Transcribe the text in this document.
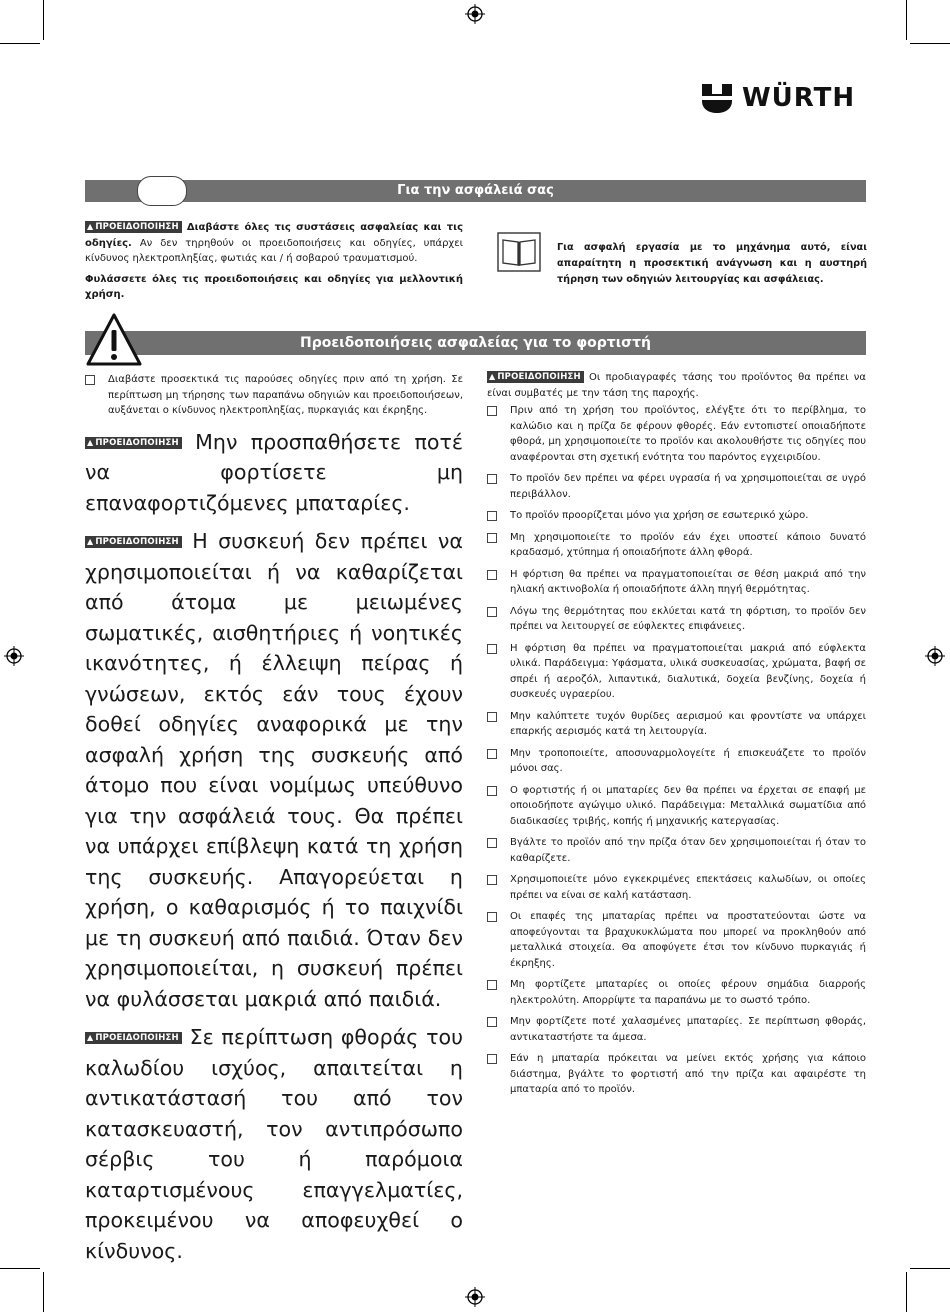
WÜRTH
Για την ασφάλειά σας

▲ ΠΡΟΕΙΔΟΠΟΙΗΣΗ Διαβάστε όλες τις συστάσεις ασφαλείας και τις οδηγίες. Αν δεν τηρηθούν οι προειδοποιήσεις και οδηγίες, υπάρχει κίνδυνος ηλεκτροπληξίας, φωτιάς και / ή σοβαρού τραυματισμού.

Φυλάσσετε όλες τις προειδοποιήσεις και οδηγίες για μελλοντική χρήση.

Για ασφαλή εργασία με το μηχάνημα αυτό, είναι απαραίτητη η προσεκτική ανάγνωση και η αυστηρή τήρηση των οδηγιών λειτουργίας και ασφάλειας.

Προειδοποιήσεις ασφαλείας για το φορτιστή
Διαβάστε προσεκτικά τις παρούσες οδηγίες πριν από τη χρήση. Σε περίπτωση μη τήρησης των παραπάνω οδηγιών και προειδοποιήσεων, αυξάνεται ο κίνδυνος ηλεκτροπληξίας, πυρκαγιάς και έκρηξης.

▲ ΠΡΟΕΙΔΟΠΟΙΗΣΗ Μην προσπαθήσετε ποτέ να φορτίσετε μη επαναφορτιζόμενες μπαταρίες.

▲ ΠΡΟΕΙΔΟΠΟΙΗΣΗ Η συσκευή δεν πρέπει να χρησιμοποιείται ή να καθαρίζεται από άτομα με μειωμένες σωματικές, αισθητήριες ή νοητικές ικανότητες, ή έλλειψη πείρας ή γνώσεων, εκτός εάν τους έχουν δοθεί οδηγίες αναφορικά με την ασφαλή χρήση της συσκευής από άτομο που είναι νομίμως υπεύθυνο για την ασφάλειά τους. Θα πρέπει να υπάρχει επίβλεψη κατά τη χρήση της συσκευής. Απαγορεύεται η χρήση, ο καθαρισμός ή το παιχνίδι με τη συσκευή από παιδιά. Όταν δεν χρησιμοποιείται, η συσκευή πρέπει να φυλάσσεται μακριά από παιδιά.

▲ ΠΡΟΕΙΔΟΠΟΙΗΣΗ Σε περίπτωση φθοράς του καλωδίου ισχύος, απαιτείται η αντικατάστασή του από τον κατασκευαστή, τον αντιπρόσωπο σέρβις του ή παρόμοια καταρτισμένους επαγγελματίες, προκειμένου να αποφευχθεί ο κίνδυνος.

▲ ΠΡΟΕΙΔΟΠΟΙΗΣΗ Οι προδιαγραφές τάσης του προϊόντος θα πρέπει να είναι συμβατές με την τάση της παροχής.

Πριν από τη χρήση του προϊόντος, ελέγξτε ότι το περίβλημα, το καλώδιο και η πρίζα δε φέρουν φθορές. Εάν εντοπιστεί οποιαδήποτε φθορά, μη χρησιμοποιείτε το προϊόν και ακολουθήστε τις οδηγίες που αναφέρονται στη σχετική ενότητα του παρόντος εγχειριδίου.
Το προϊόν δεν πρέπει να φέρει υγρασία ή να χρησιμοποιείται σε υγρό περιβάλλον.
Το προϊόν προορίζεται μόνο για χρήση σε εσωτερικό χώρο.
Μη χρησιμοποιείτε το προϊόν εάν έχει υποστεί κάποιο δυνατό κραδασμό, χτύπημα ή οποιαδήποτε άλλη φθορά.
Η φόρτιση θα πρέπει να πραγματοποιείται σε θέση μακριά από την ηλιακή ακτινοβολία ή οποιαδήποτε άλλη πηγή θερμότητας.
Λόγω της θερμότητας που εκλύεται κατά τη φόρτιση, το προϊόν δεν πρέπει να λειτουργεί σε εύφλεκτες επιφάνειες.
Η φόρτιση θα πρέπει να πραγματοποιείται μακριά από εύφλεκτα υλικά. Παράδειγμα: Υφάσματα, υλικά συσκευασίας, χρώματα, βαφή σε σπρέι ή αεροζόλ, λιπαντικά, διαλυτικά, δοχεία βενζίνης, δοχεία ή συσκευές υγραερίου.
Μην καλύπτετε τυχόν θυρίδες αερισμού και φροντίστε να υπάρχει επαρκής αερισμός κατά τη λειτουργία.
Μην τροποποιείτε, αποσυναρμολογείτε ή επισκευάζετε το προϊόν μόνοι σας.
Ο φορτιστής ή οι μπαταρίες δεν θα πρέπει να έρχεται σε επαφή με οποιοδήποτε αγώγιμο υλικό. Παράδειγμα: Μεταλλικά σωματίδια από διαδικασίες τριβής, κοπής ή μηχανικής κατεργασίας.
Βγάλτε το προϊόν από την πρίζα όταν δεν χρησιμοποιείται ή όταν το καθαρίζετε.
Χρησιμοποιείτε μόνο εγκεκριμένες επεκτάσεις καλωδίων, οι οποίες πρέπει να είναι σε καλή κατάσταση.
Οι επαφές της μπαταρίας πρέπει να προστατεύονται ώστε να αποφεύγονται τα βραχυκυκλώματα που μπορεί να προκληθούν από μεταλλικά στοιχεία. Θα αποφύγετε έτσι τον κίνδυνο πυρκαγιάς ή έκρηξης.
Μη φορτίζετε μπαταρίες οι οποίες φέρουν σημάδια διαρροής ηλεκτρολύτη. Απορρίψτε τα παραπάνω με το σωστό τρόπο.
Μην φορτίζετε ποτέ χαλασμένες μπαταρίες. Σε περίπτωση φθοράς, αντικαταστήστε τα άμεσα.
Εάν η μπαταρία πρόκειται να μείνει εκτός χρήσης για κάποιο διάστημα, βγάλτε το φορτιστή από την πρίζα και αφαιρέστε τη μπαταρία από το προϊόν.
